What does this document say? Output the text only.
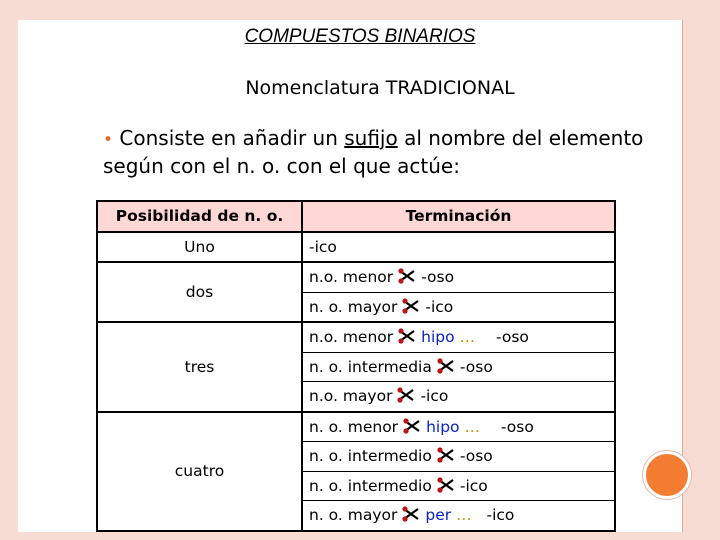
COMPUESTOS BINARIOS
Nomenclatura TRADICIONAL
• Consiste en añadir un sufijo al nombre del elemento según con el n. o. con el que actúe:
Posibilidad de n. o.	Terminación
Uno	-ico
dos	n.o. menor -oso
	n. o. mayor -ico
tres	n.o. menor hipo … -oso
	n. o. intermedia -oso
	n.o. mayor -ico
cuatro	n. o. menor hipo … -oso
	n. o. intermedio -oso
	n. o. intermedio -ico
	n. o. mayor per … -ico
